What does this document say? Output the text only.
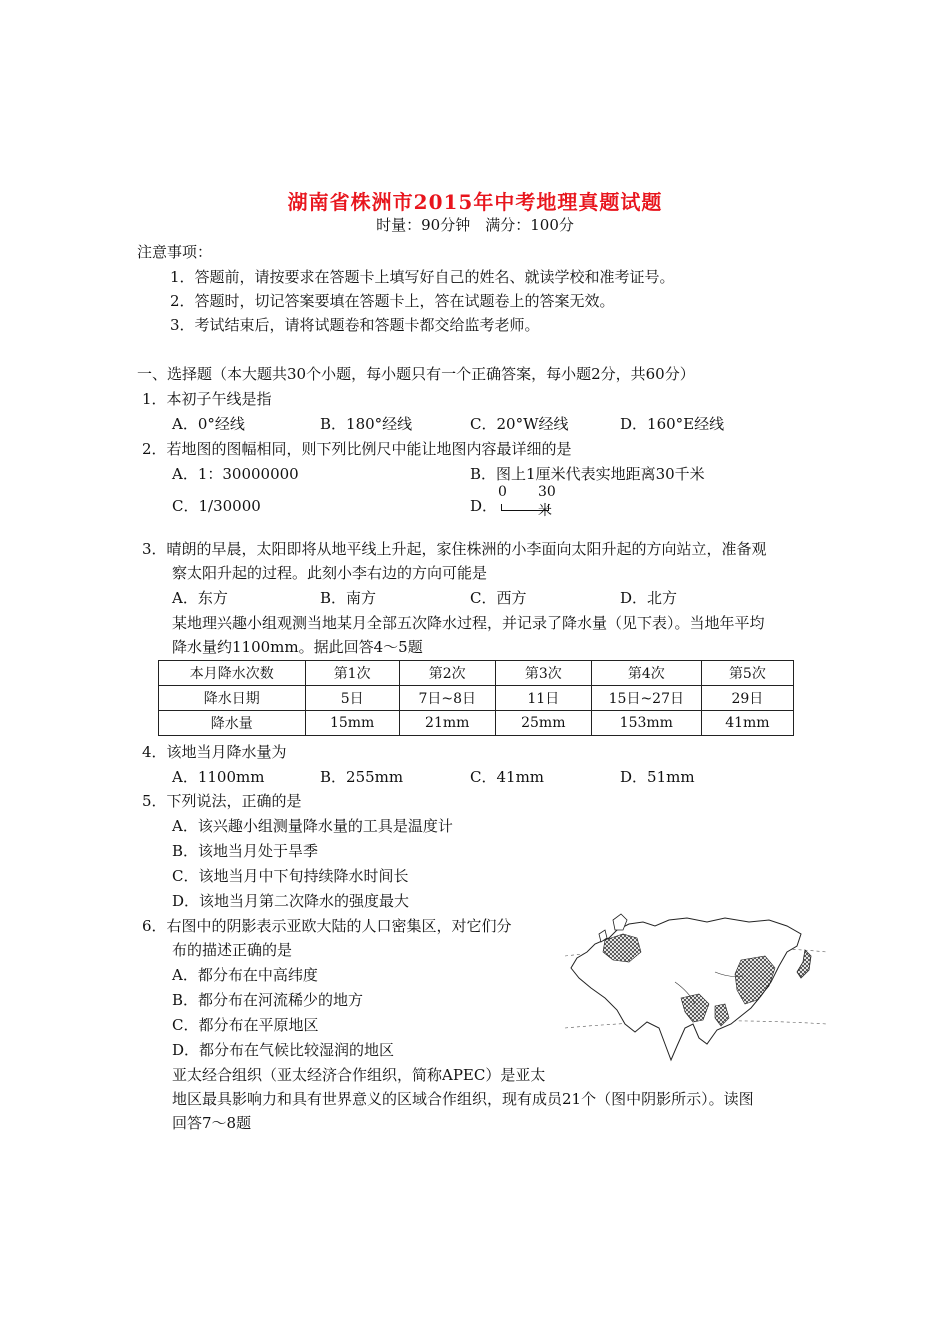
湖南省株洲市2015年中考地理真题试题
时量：90分钟　满分：100分
注意事项：
1．答题前，请按要求在答题卡上填写好自己的姓名、就读学校和准考证号。
2．答题时，切记答案要填在答题卡上，答在试题卷上的答案无效。
3．考试结束后，请将试题卷和答题卡都交给监考老师。
一、选择题（本大题共30个小题，每小题只有一个正确答案，每小题2分，共60分）
1．本初子午线是指
A．0°经线	B．180°经线	C．20°W经线	D．160°E经线
2．若地图的图幅相同，则下列比例尺中能让地图内容最详细的是
A．1：30000000	B．图上1厘米代表实地距离30千米
C．1/30000	D．
0 30米
3．晴朗的早晨，太阳即将从地平线上升起，家住株洲的小李面向太阳升起的方向站立，准备观
察太阳升起的过程。此刻小李右边的方向可能是
A．东方	B．南方	C．西方	D．北方
某地理兴趣小组观测当地某月全部五次降水过程，并记录了降水量（见下表）。当地年平均
降水量约1100mm。据此回答4～5题
本月降水次数	第1次	第2次	第3次	第4次	第5次
降水日期	5日	7日~8日	11日	15日~27日	29日
降水量	15mm	21mm	25mm	153mm	41mm
4．该地当月降水量为
A．1100mm	B．255mm	C．41mm	D．51mm
5．下列说法，正确的是
A．该兴趣小组测量降水量的工具是温度计
B．该地当月处于旱季
C．该地当月中下旬持续降水时间长
D．该地当月第二次降水的强度最大
6．右图中的阴影表示亚欧大陆的人口密集区，对它们分
布的描述正确的是
A．都分布在中高纬度
B．都分布在河流稀少的地方
C．都分布在平原地区
D．都分布在气候比较湿润的地区
亚太经合组织（亚太经济合作组织，简称APEC）是亚太
地区最具影响力和具有世界意义的区域合作组织，现有成员21个（图中阴影所示）。读图
回答7～8题
